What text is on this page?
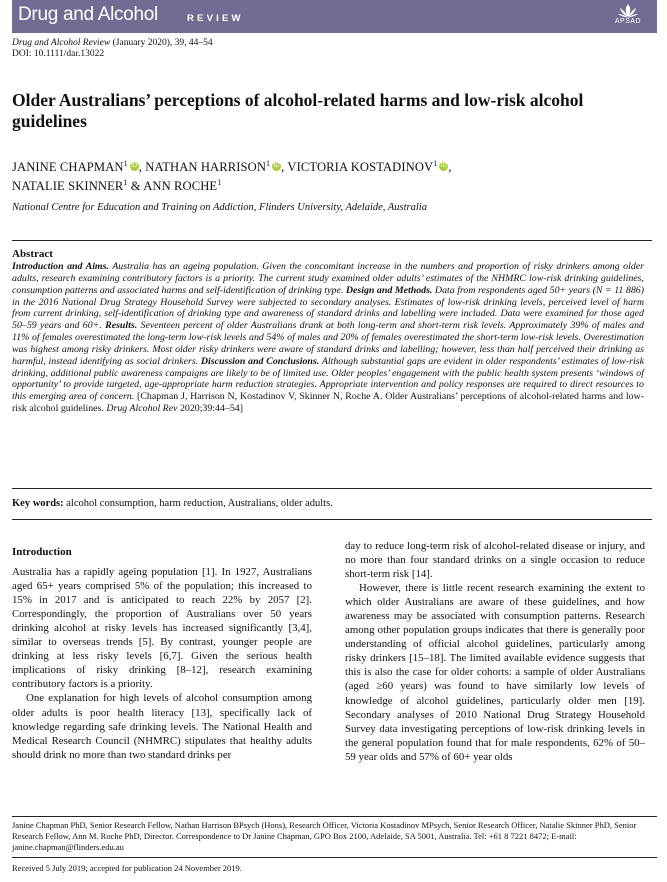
Drug and Alcohol	REVIEW	APSAD
Drug and Alcohol Review (January 2020), 39, 44–54
DOI: 10.1111/dar.13022
Older Australians’ perceptions of alcohol-related harms and low-risk alcohol guidelines
JANINE CHAPMAN$^1$ ID, NATHAN HARRISON$^1$ ID, VICTORIA KOSTADINOV$^1$ ID,
NATALIE SKINNER$^1$ & ANN ROCHE$^1$
National Centre for Education and Training on Addiction, Flinders University, Adelaide, Australia
Abstract

Introduction and Aims. Australia has an ageing population. Given the concomitant increase in the numbers and proportion of risky drinkers among older adults, research examining contributory factors is a priority. The current study examined older adults’ estimates of the NHMRC low-risk drinking guidelines, consumption patterns and associated harms and self-identification of drinking type. Design and Methods. Data from respondents aged 50+ years (N = 11 886) in the 2016 National Drug Strategy Household Survey were subjected to secondary analyses. Estimates of low-risk drinking levels, perceived level of harm from current drinking, self-identification of drinking type and awareness of standard drinks and labelling were included. Data were examined for those aged 50–59 years and 60+. Results. Seventeen percent of older Australians drank at both long-term and short-term risk levels. Approximately 39% of males and 11% of females overestimated the long-term low-risk levels and 54% of males and 20% of females overestimated the short-term low-risk levels. Overestimation was highest among risky drinkers. Most older risky drinkers were aware of standard drinks and labelling; however, less than half perceived their drinking as harmful, instead identifying as social drinkers. Discussion and Conclusions. Although substantial gaps are evident in older respondents’ estimates of low-risk drinking, additional public awareness campaigns are likely to be of limited use. Older peoples’ engagement with the public health system presents ‘windows of opportunity’ to provide targeted, age-appropriate harm reduction strategies. Appropriate intervention and policy responses are required to direct resources to this emerging area of concern. [Chapman J, Harrison N, Kostadinov V, Skinner N, Roche A. Older Australians’ perceptions of alcohol-related harms and low-risk alcohol guidelines. Drug Alcohol Rev 2020;39:44–54]

Key words: alcohol consumption, harm reduction, Australians, older adults.
Introduction

Australia has a rapidly ageing population [1]. In 1927, Australians aged 65+ years comprised 5% of the population; this increased to 15% in 2017 and is anticipated to reach 22% by 2057 [2]. Correspondingly, the proportion of Australians over 50 years drinking alcohol at risky levels has increased significantly [3,4], similar to overseas trends [5]. By contrast, younger people are drinking at less risky levels [6,7]. Given the serious health implications of risky drinking [8–12], research examining contributory factors is a priority.

One explanation for high levels of alcohol consumption among older adults is poor health literacy [13], specifically lack of knowledge regarding safe drinking levels. The National Health and Medical Research Council (NHMRC) stipulates that healthy adults should drink no more than two standard drinks per

day to reduce long-term risk of alcohol-related disease or injury, and no more than four standard drinks on a single occasion to reduce short-term risk [14].

However, there is little recent research examining the extent to which older Australians are aware of these guidelines, and how awareness may be associated with consumption patterns. Research among other population groups indicates that there is generally poor understanding of official alcohol guidelines, particularly among risky drinkers [15–18]. The limited available evidence suggests that this is also the case for older cohorts: a sample of older Australians (aged ≥60 years) was found to have similarly low levels of knowledge of alcohol guidelines, particularly older men [19]. Secondary analyses of 2010 National Drug Strategy Household Survey data investigating perceptions of low-risk drinking levels in the general population found that for male respondents, 62% of 50–59 year olds and 57% of 60+ year olds

Janine Chapman PhD, Senior Research Fellow, Nathan Harrison BPsych (Hons), Research Officer, Victoria Kostadinov MPsych, Senior Research Officer, Natalie Skinner PhD, Senior Research Fellow, Ann M. Roche PhD, Director. Correspondence to Dr Janine Chapman, GPO Box 2100, Adelaide, SA 5001, Australia. Tel: +61 8 7221 8472; E-mail: janine.chapman@flinders.edu.au
Received 5 July 2019; accepted for publication 24 November 2019.
